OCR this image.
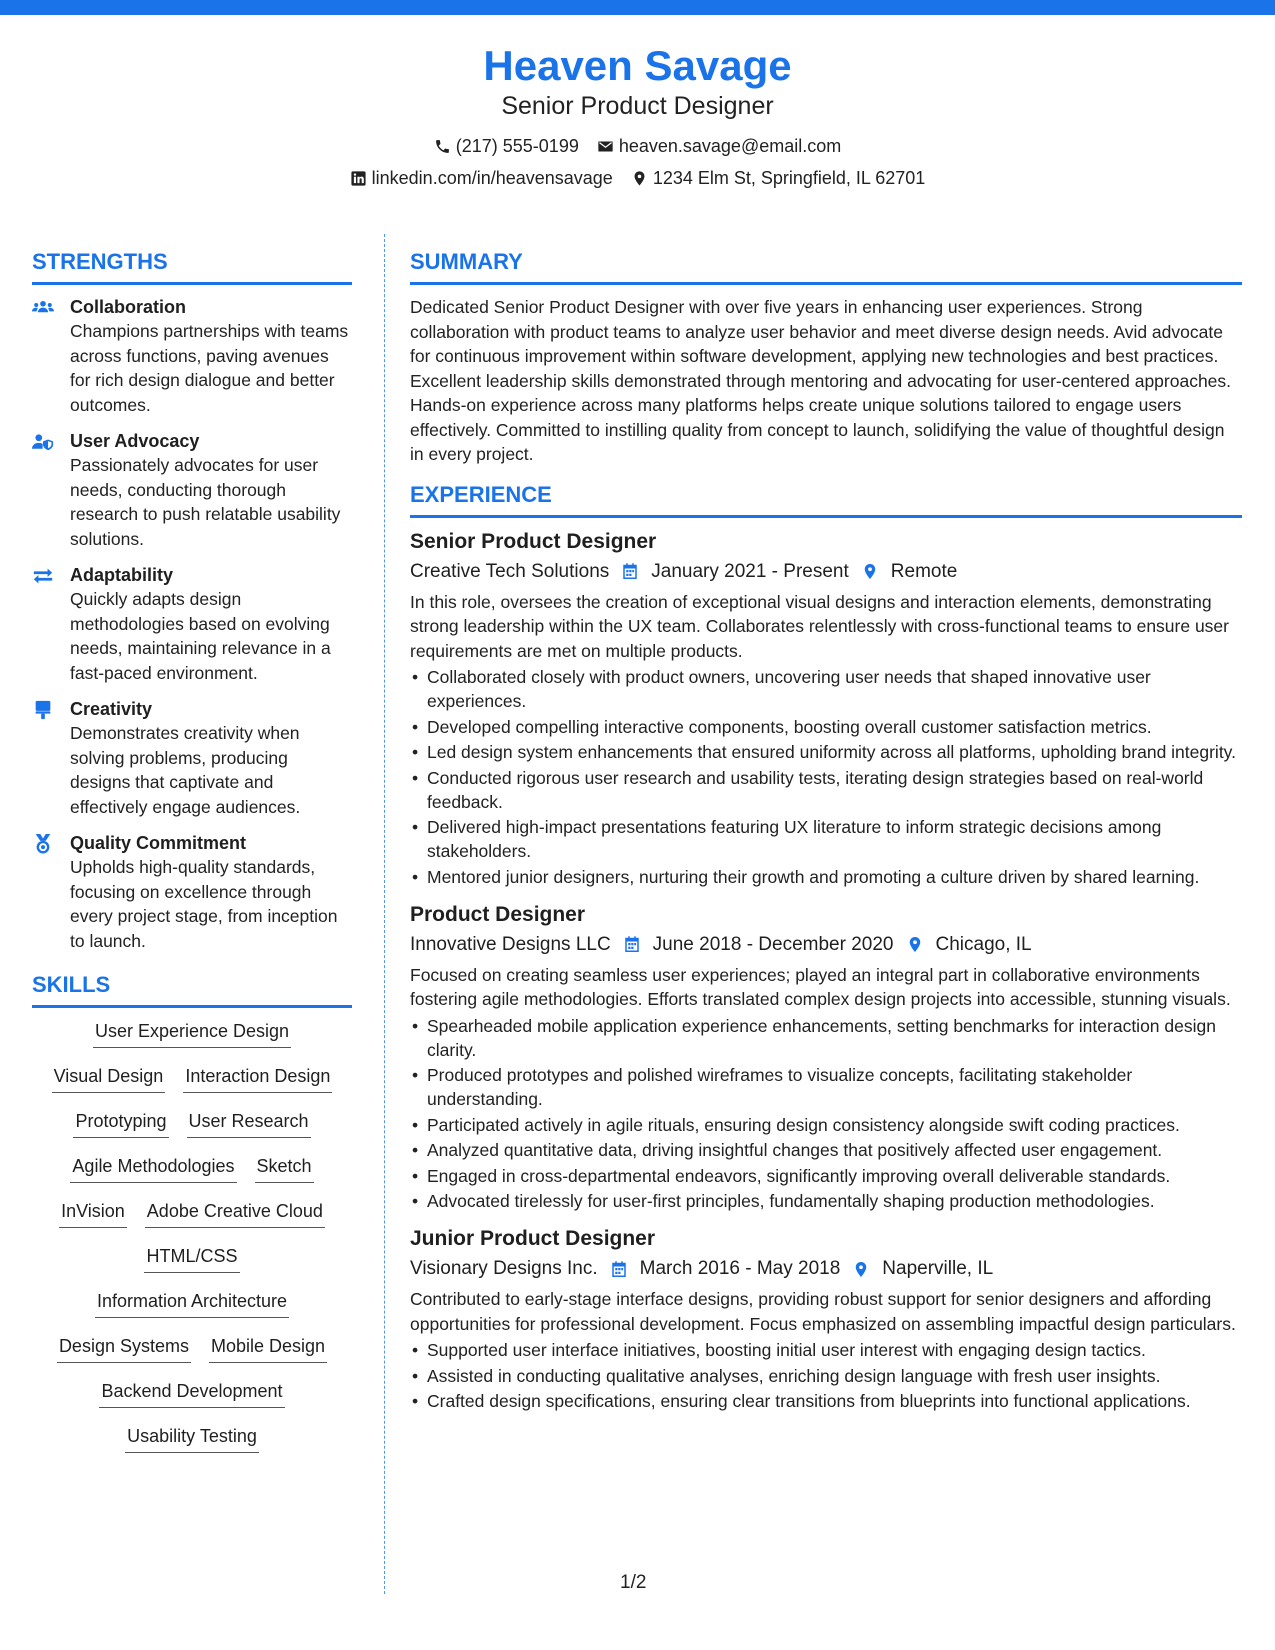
Heaven Savage
Senior Product Designer
(217) 555-0199 heaven.savage@email.com
linkedin.com/in/heavensavage 1234 Elm St, Springfield, IL 62701
STRENGTHS
Collaboration
Champions partnerships with teams across functions, paving avenues for rich design dialogue and better outcomes.
User Advocacy
Passionately advocates for user needs, conducting thorough research to push relatable usability solutions.
Adaptability
Quickly adapts design methodologies based on evolving needs, maintaining relevance in a fast-paced environment.
Creativity
Demonstrates creativity when solving problems, producing designs that captivate and effectively engage audiences.
Quality Commitment
Upholds high-quality standards, focusing on excellence through every project stage, from inception to launch.
SKILLS
User Experience Design
Visual Design Interaction Design
Prototyping User Research
Agile Methodologies Sketch
InVision Adobe Creative Cloud
HTML/CSS
Information Architecture
Design Systems Mobile Design
Backend Development
Usability Testing
SUMMARY
Dedicated Senior Product Designer with over five years in enhancing user experiences. Strong collaboration with product teams to analyze user behavior and meet diverse design needs. Avid advocate for continuous improvement within software development, applying new technologies and best practices. Excellent leadership skills demonstrated through mentoring and advocating for user-centered approaches. Hands-on experience across many platforms helps create unique solutions tailored to engage users effectively. Committed to instilling quality from concept to launch, solidifying the value of thoughtful design in every project.
EXPERIENCE
Senior Product Designer
Creative Tech Solutions January 2021 - Present Remote
In this role, oversees the creation of exceptional visual designs and interaction elements, demonstrating strong leadership within the UX team. Collaborates relentlessly with cross-functional teams to ensure user requirements are met on multiple products.
• Collaborated closely with product owners, uncovering user needs that shaped innovative user experiences.
• Developed compelling interactive components, boosting overall customer satisfaction metrics.
• Led design system enhancements that ensured uniformity across all platforms, upholding brand integrity.
• Conducted rigorous user research and usability tests, iterating design strategies based on real-world feedback.
• Delivered high-impact presentations featuring UX literature to inform strategic decisions among stakeholders.
• Mentored junior designers, nurturing their growth and promoting a culture driven by shared learning.
Product Designer
Innovative Designs LLC June 2018 - December 2020 Chicago, IL
Focused on creating seamless user experiences; played an integral part in collaborative environments fostering agile methodologies. Efforts translated complex design projects into accessible, stunning visuals.
• Spearheaded mobile application experience enhancements, setting benchmarks for interaction design clarity.
• Produced prototypes and polished wireframes to visualize concepts, facilitating stakeholder understanding.
• Participated actively in agile rituals, ensuring design consistency alongside swift coding practices.
• Analyzed quantitative data, driving insightful changes that positively affected user engagement.
• Engaged in cross-departmental endeavors, significantly improving overall deliverable standards.
• Advocated tirelessly for user-first principles, fundamentally shaping production methodologies.
Junior Product Designer
Visionary Designs Inc. March 2016 - May 2018 Naperville, IL
Contributed to early-stage interface designs, providing robust support for senior designers and affording opportunities for professional development. Focus emphasized on assembling impactful design particulars.
• Supported user interface initiatives, boosting initial user interest with engaging design tactics.
• Assisted in conducting qualitative analyses, enriching design language with fresh user insights.
• Crafted design specifications, ensuring clear transitions from blueprints into functional applications.
1/2
